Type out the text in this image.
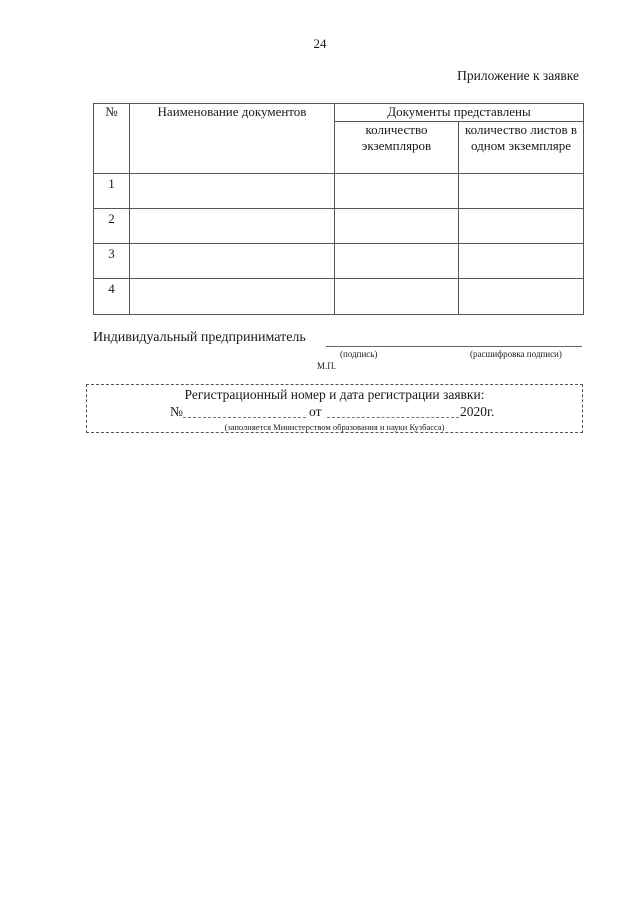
24
Приложение к заявке
№	Наименование документов	Документы представлены	
		количество экземпляров	количество листов в одном экземпляре
1			
2			
3			
4			
Индивидуальный предприниматель
(подпись)	(расшифровка подписи)
М.П.
Регистрационный номер и дата регистрации заявки:
№	от	2020г.
(заполняется Министерством образования и науки Кузбасса)
